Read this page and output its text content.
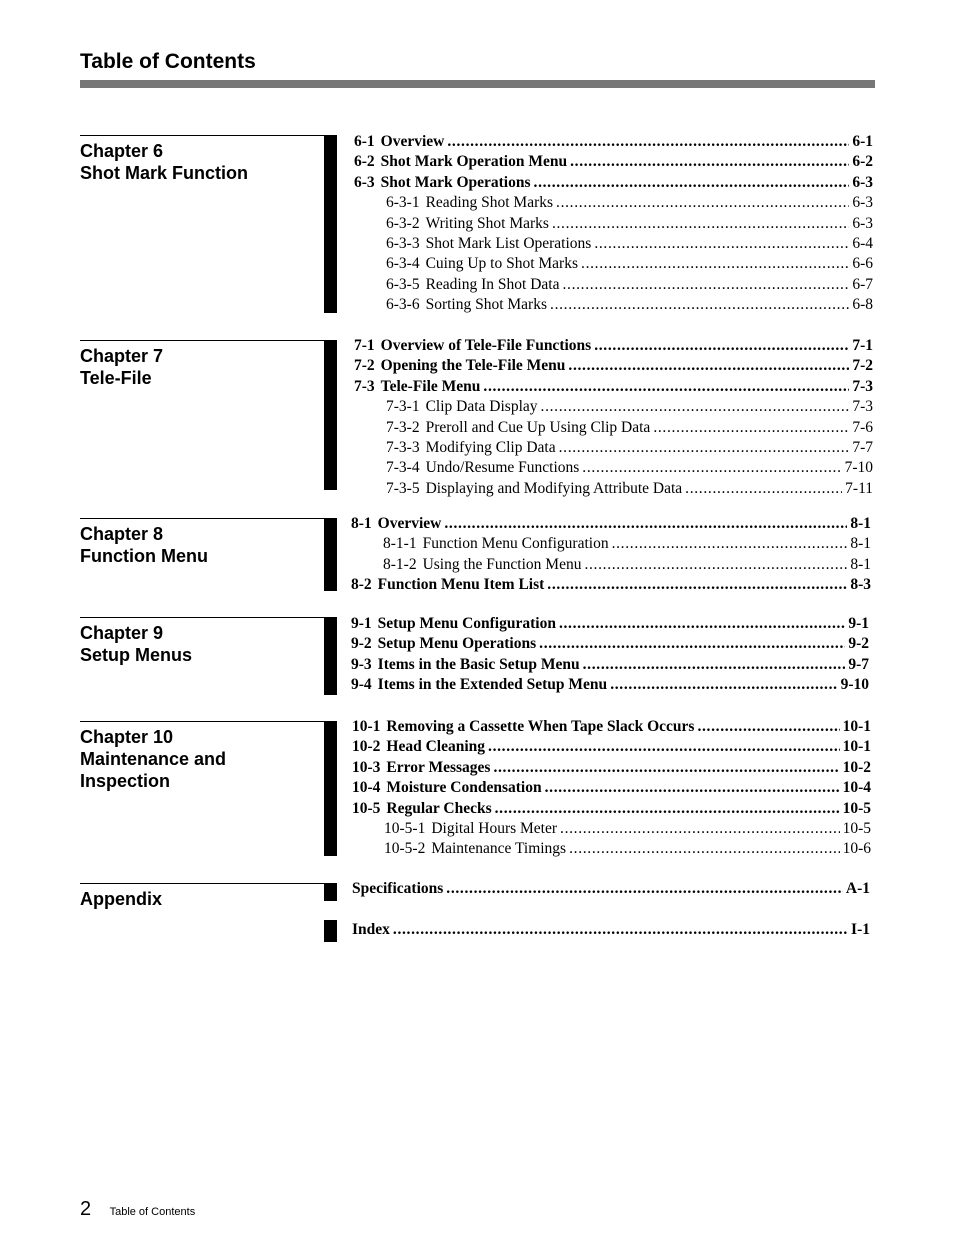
Table of Contents
Chapter 6
Shot Mark Function
6-1 Overview . . .	6-1
6-2 Shot Mark Operation Menu . . .	6-2
6-3 Shot Mark Operations . . .	6-3
6-3-1 Reading Shot Marks . . .	6-3
6-3-2 Writing Shot Marks . . .	6-3
6-3-3 Shot Mark List Operations . . .	6-4
6-3-4 Cuing Up to Shot Marks . . .	6-6
6-3-5 Reading In Shot Data . . .	6-7
6-3-6 Sorting Shot Marks . . .	6-8
Chapter 7
Tele-File
7-1 Overview of Tele-File Functions . . .	7-1
7-2 Opening the Tele-File Menu . . .	7-2
7-3 Tele-File Menu . . .	7-3
7-3-1 Clip Data Display . . .	7-3
7-3-2 Preroll and Cue Up Using Clip Data . . .	7-6
7-3-3 Modifying Clip Data . . .	7-7
7-3-4 Undo/Resume Functions . . .	7-10
7-3-5 Displaying and Modifying Attribute Data . . .	7-11
Chapter 8
Function Menu
8-1 Overview . . .	8-1
8-1-1 Function Menu Configuration . . .	8-1
8-1-2 Using the Function Menu . . .	8-1
8-2 Function Menu Item List . . .	8-3
Chapter 9
Setup Menus
9-1 Setup Menu Configuration . . .	9-1
9-2 Setup Menu Operations . . .	9-2
9-3 Items in the Basic Setup Menu . . .	9-7
9-4 Items in the Extended Setup Menu . . .	9-10
Chapter 10
Maintenance and
Inspection
10-1 Removing a Cassette When Tape Slack Occurs . . .	10-1
10-2 Head Cleaning . . .	10-1
10-3 Error Messages . . .	10-2
10-4 Moisture Condensation . . .	10-4
10-5 Regular Checks . . .	10-5
10-5-1 Digital Hours Meter . . .	10-5
10-5-2 Maintenance Timings . . .	10-6
Appendix
Specifications . . .	A-1
Index . . .	I-1
2 Table of Contents
